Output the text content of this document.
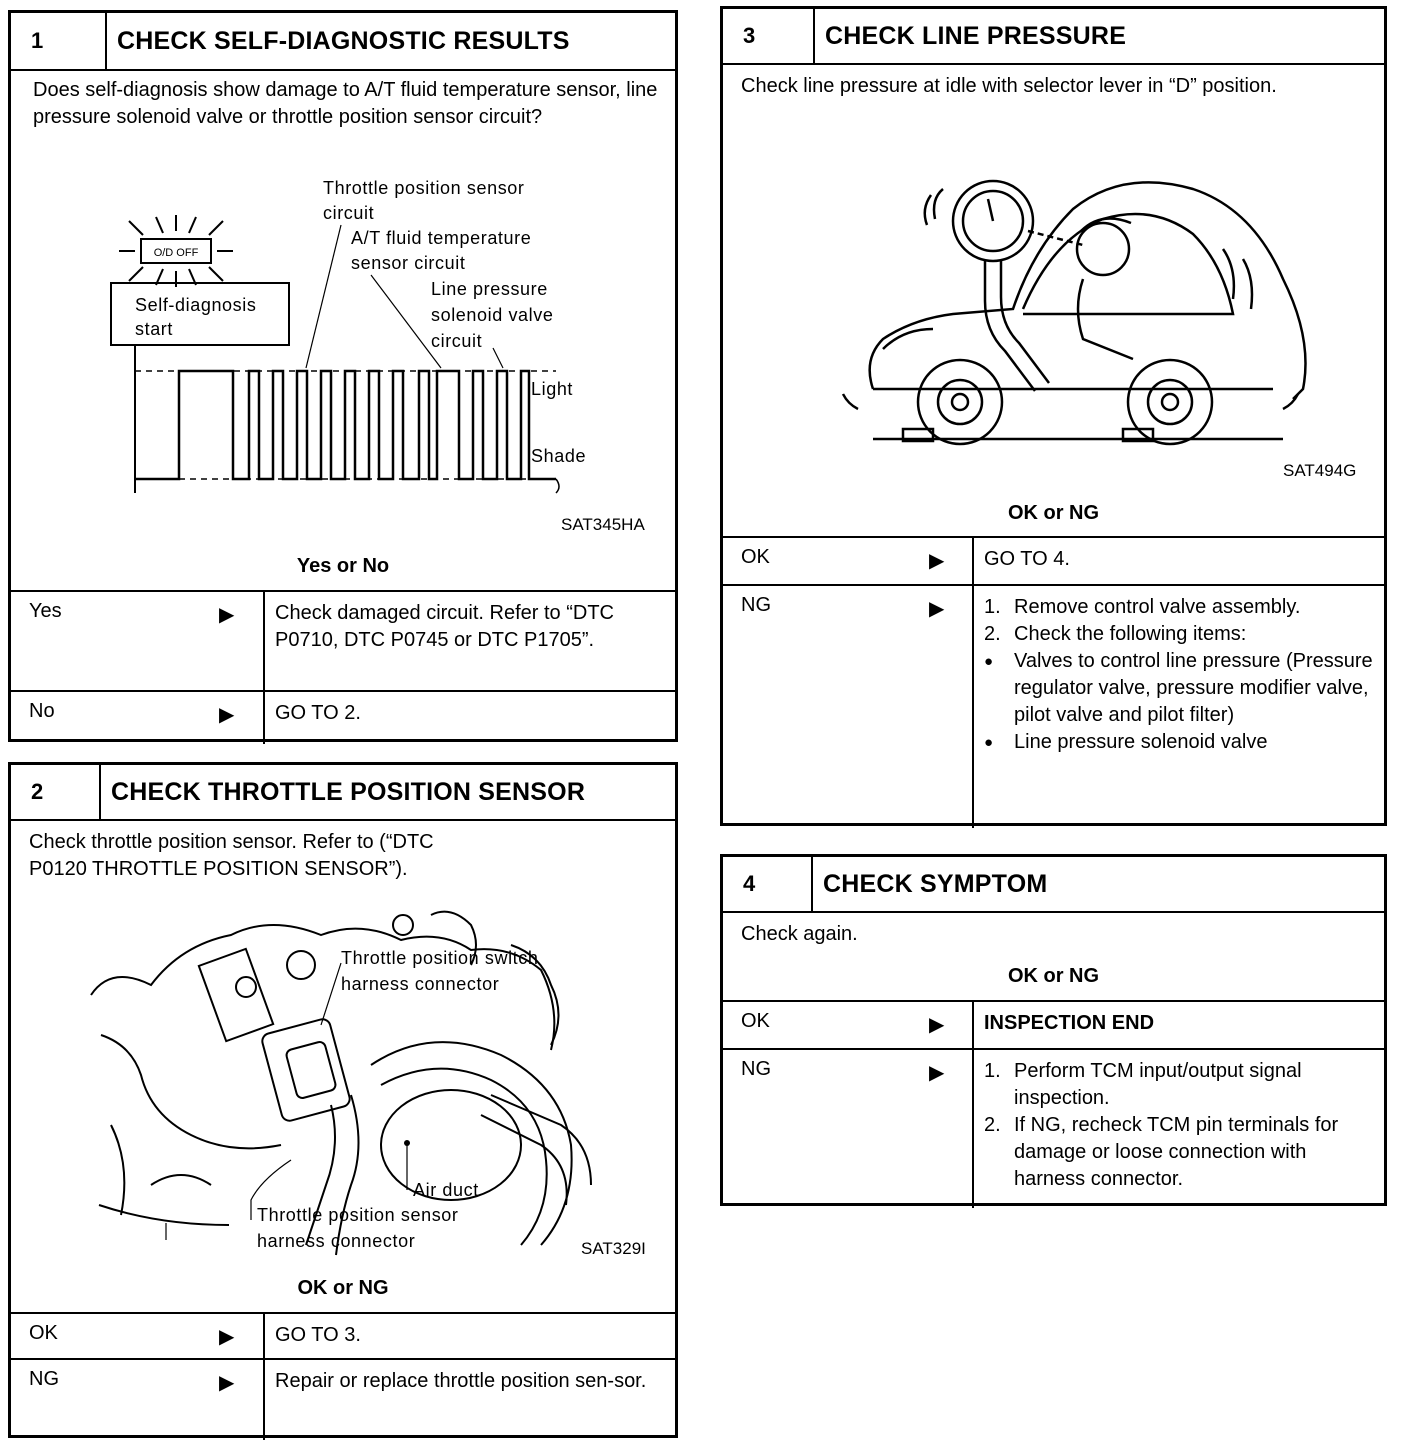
1	CHECK SELF-DIAGNOSTIC RESULTS
Does self-diagnosis show damage to A/T fluid temperature sensor, line pressure solenoid valve or throttle position sensor circuit?
O/D OFF
Self-diagnosis
start
Throttle position sensor
circuit
A/T fluid temperature
sensor circuit
Line pressure
solenoid valve
circuit
Light
Shade
SAT345HA
Yes or No
Yes	▶	Check damaged circuit. Refer to “DTC P0710, DTC P0745 or DTC P1705”.
No	▶	GO TO 2.
2	CHECK THROTTLE POSITION SENSOR
Check throttle position sensor. Refer to (“DTC
P0120 THROTTLE POSITION SENSOR”).
Throttle position switch
harness connector
Air duct
Throttle position sensor
harness connector	SAT329I
OK or NG
OK	▶	GO TO 3.
NG	▶	Repair or replace throttle position sen-sor.
3	CHECK LINE PRESSURE
Check line pressure at idle with selector lever in “D” position.
SAT494G
OK or NG
OK	▶	GO TO 4.
NG	▶ 1. Remove control valve assembly.
2. Check the following items:
● Valves to control line pressure (Pressure regulator valve, pressure modifier valve, pilot valve and pilot filter)
● Line pressure solenoid valve
4	CHECK SYMPTOM
Check again.
OK or NG
OK	▶	INSPECTION END
NG	▶ 1. Perform TCM input/output signal inspection.
2. If NG, recheck TCM pin terminals for damage or loose connection with harness connector.
